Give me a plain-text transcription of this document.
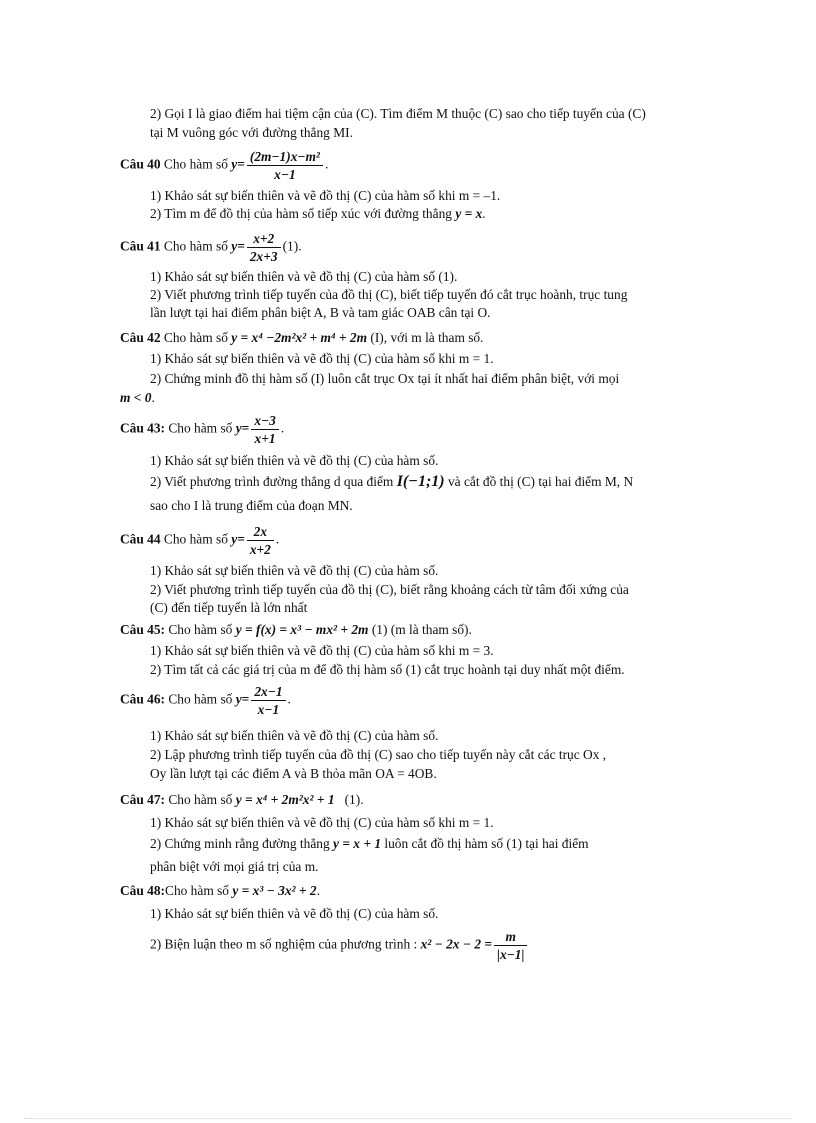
2) Gọi I là giao điểm hai tiệm cận của (C). Tìm điểm M thuộc (C) sao cho tiếp tuyến của (C)
tại M vuông góc với đường thẳng MI.
Câu 40 Cho hàm số $y= \frac{\text{(2m−1)x−m²}}{x-1}$ .
1) Khảo sát sự biến thiên và vẽ đồ thị (C) của hàm số khi m = –1.
2) Tìm m để đồ thị của hàm số tiếp xúc với đường thẳng y = x.
Câu 41 Cho hàm số $y= \frac{x+2}{2x+3} (1)$.
1) Khảo sát sự biến thiên và vẽ đồ thị (C) của hàm số (1).
2) Viết phương trình tiếp tuyến của đồ thị (C), biết tiếp tuyến đó cắt trục hoành, trục tung
lần lượt tại hai điểm phân biệt A, B và tam giác OAB cân tại O.
Câu 42 Cho hàm số y = x⁴ −2m²x² + m⁴ + 2m (I), với m là tham số.
1) Khảo sát sự biến thiên và vẽ đồ thị (C) của hàm số khi m = 1.
2) Chứng minh đồ thị hàm số (I) luôn cắt trục Ox tại ít nhất hai điểm phân biệt, với mọi
m < 0.
Câu 43: Cho hàm số $y= \frac{x-3}{x+1}$ .
1) Khảo sát sự biến thiên và vẽ đồ thị (C) của hàm số.
2) Viết phương trình đường thẳng d qua điểm I(−1;1) và cắt đồ thị (C) tại hai điểm M, N
sao cho I là trung điểm của đoạn MN.
Câu 44 Cho hàm số $y= \frac{2x}{x+2}$ .
1) Khảo sát sự biến thiên và vẽ đồ thị (C) của hàm số.
2) Viết phương trình tiếp tuyến của đồ thị (C), biết rằng khoảng cách từ tâm đối xứng của
(C) đến tiếp tuyến là lớn nhất
Câu 45: Cho hàm số y = f(x) = x³ − mx² + 2m (1) (m là tham số).
1) Khảo sát sự biến thiên và vẽ đồ thị (C) của hàm số khi m = 3.
2) Tìm tất cả các giá trị của m để đồ thị hàm số (1) cắt trục hoành tại duy nhất một điểm.
Câu 46: Cho hàm số $y= \frac{2x-1}{x-1}$ .
1) Khảo sát sự biến thiên và vẽ đồ thị (C) của hàm số.
2) Lập phương trình tiếp tuyến của đồ thị (C) sao cho tiếp tuyến này cắt các trục Ox ,
Oy lần lượt tại các điểm A và B thỏa mãn OA = 4OB.
Câu 47: Cho hàm số y = x⁴ + 2m²x² + 1 (1).
1) Khảo sát sự biến thiên và vẽ đồ thị (C) của hàm số khi m = 1.
2) Chứng minh rằng đường thẳng y = x + 1 luôn cắt đồ thị hàm số (1) tại hai điểm
phân biệt với mọi giá trị của m.
Câu 48:Cho hàm số y = x³ − 3x² + 2.
1) Khảo sát sự biến thiên và vẽ đồ thị (C) của hàm số.
2) Biện luận theo m số nghiệm của phương trình : $x^2 - 2x - 2 = \frac{m}{|x-1|}$
